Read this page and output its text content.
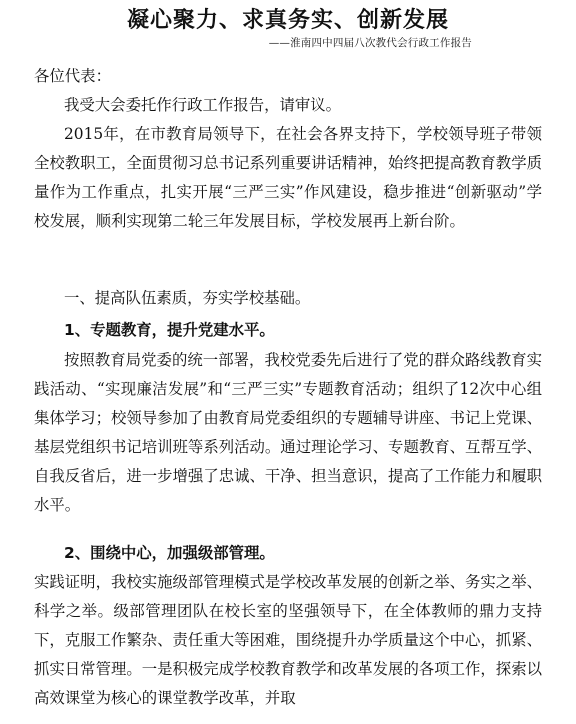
凝心聚力、求真务实、创新发展
——淮南四中四届八次教代会行政工作报告
各位代表：
我受大会委托作行政工作报告，请审议。
2015年，在市教育局领导下，在社会各界支持下，学校领导班子带领全校教职工，全面贯彻习总书记系列重要讲话精神，始终把提高教育教学质量作为工作重点，扎实开展“三严三实”作风建设，稳步推进“创新驱动”学校发展，顺利实现第二轮三年发展目标，学校发展再上新台阶。
一、提高队伍素质，夯实学校基础。
1、专题教育，提升党建水平。
按照教育局党委的统一部署，我校党委先后进行了党的群众路线教育实践活动、“实现廉洁发展”和“三严三实”专题教育活动；组织了12次中心组集体学习；校领导参加了由教育局党委组织的专题辅导讲座、书记上党课、基层党组织书记培训班等系列活动。通过理论学习、专题教育、互帮互学、自我反省后，进一步增强了忠诚、干净、担当意识，提高了工作能力和履职水平。
2、围绕中心，加强级部管理。
实践证明，我校实施级部管理模式是学校改革发展的创新之举、务实之举、科学之举。级部管理团队在校长室的坚强领导下，在全体教师的鼎力支持下，克服工作繁杂、责任重大等困难，围绕提升办学质量这个中心，抓紧、抓实日常管理。一是积极完成学校教育教学和改革发展的各项工作，探索以高效课堂为核心的课堂教学改革，并取
